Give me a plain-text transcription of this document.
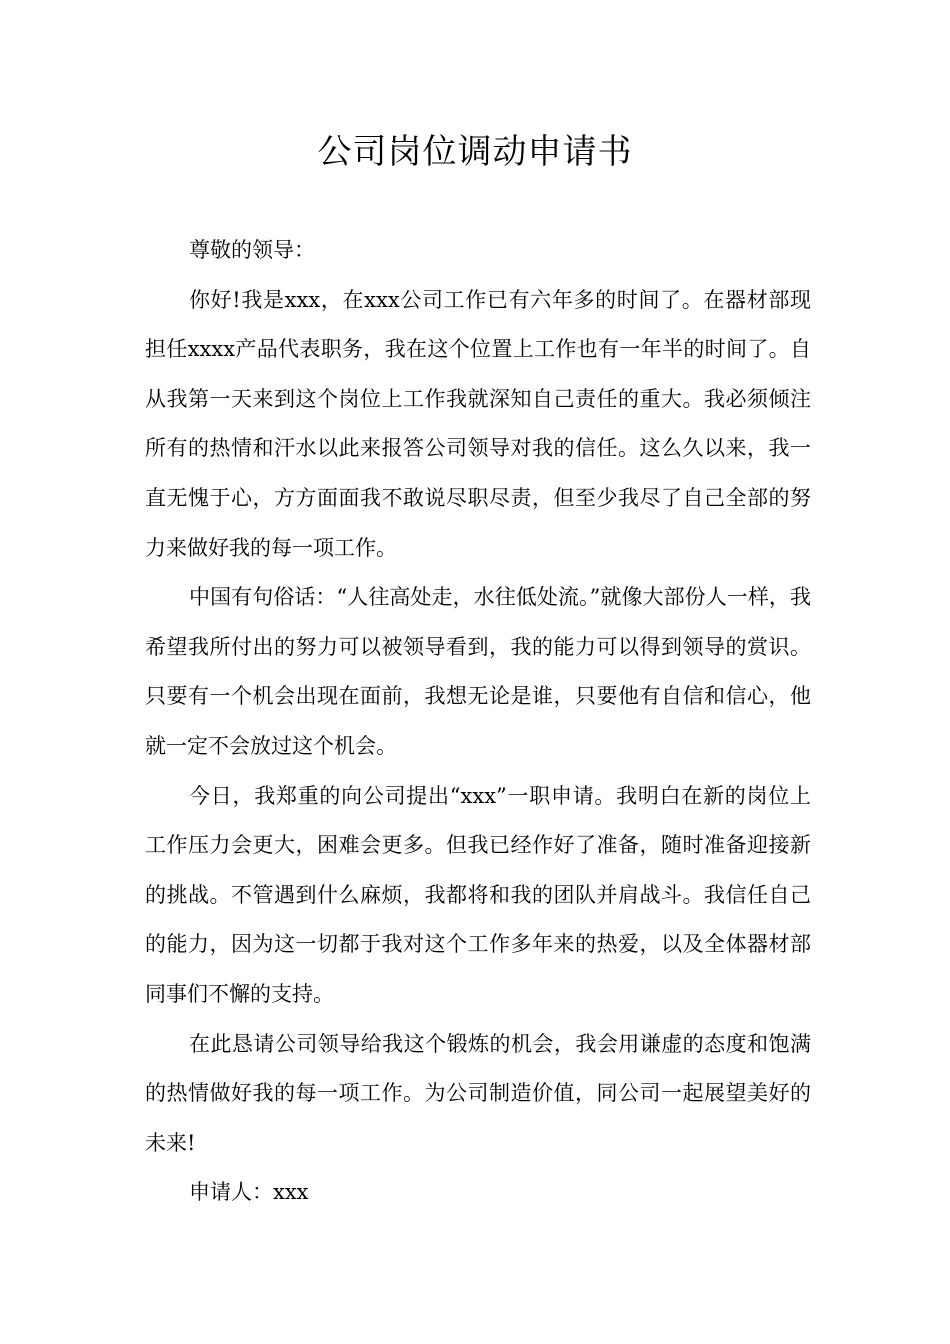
公司岗位调动申请书

尊敬的领导：

你好!我是xxx，在xxx公司工作已有六年多的时间了。在器材部现担任xxxx产品代表职务，我在这个位置上工作也有一年半的时间了。自从我第一天来到这个岗位上工作我就深知自己责任的重大。我必须倾注所有的热情和汗水以此来报答公司领导对我的信任。这么久以来，我一直无愧于心，方方面面我不敢说尽职尽责，但至少我尽了自己全部的努力来做好我的每一项工作。

中国有句俗话：“人往高处走，水往低处流。”就像大部份人一样，我希望我所付出的努力可以被领导看到，我的能力可以得到领导的赏识。只要有一个机会出现在面前，我想无论是谁，只要他有自信和信心，他就一定不会放过这个机会。

今日，我郑重的向公司提出“xxx”一职申请。我明白在新的岗位上工作压力会更大，困难会更多。但我已经作好了准备，随时准备迎接新的挑战。不管遇到什么麻烦，我都将和我的团队并肩战斗。我信任自己的能力，因为这一切都于我对这个工作多年来的热爱，以及全体器材部同事们不懈的支持。

在此恳请公司领导给我这个锻炼的机会，我会用谦虚的态度和饱满的热情做好我的每一项工作。为公司制造价值，同公司一起展望美好的未来!

申请人：xxx
